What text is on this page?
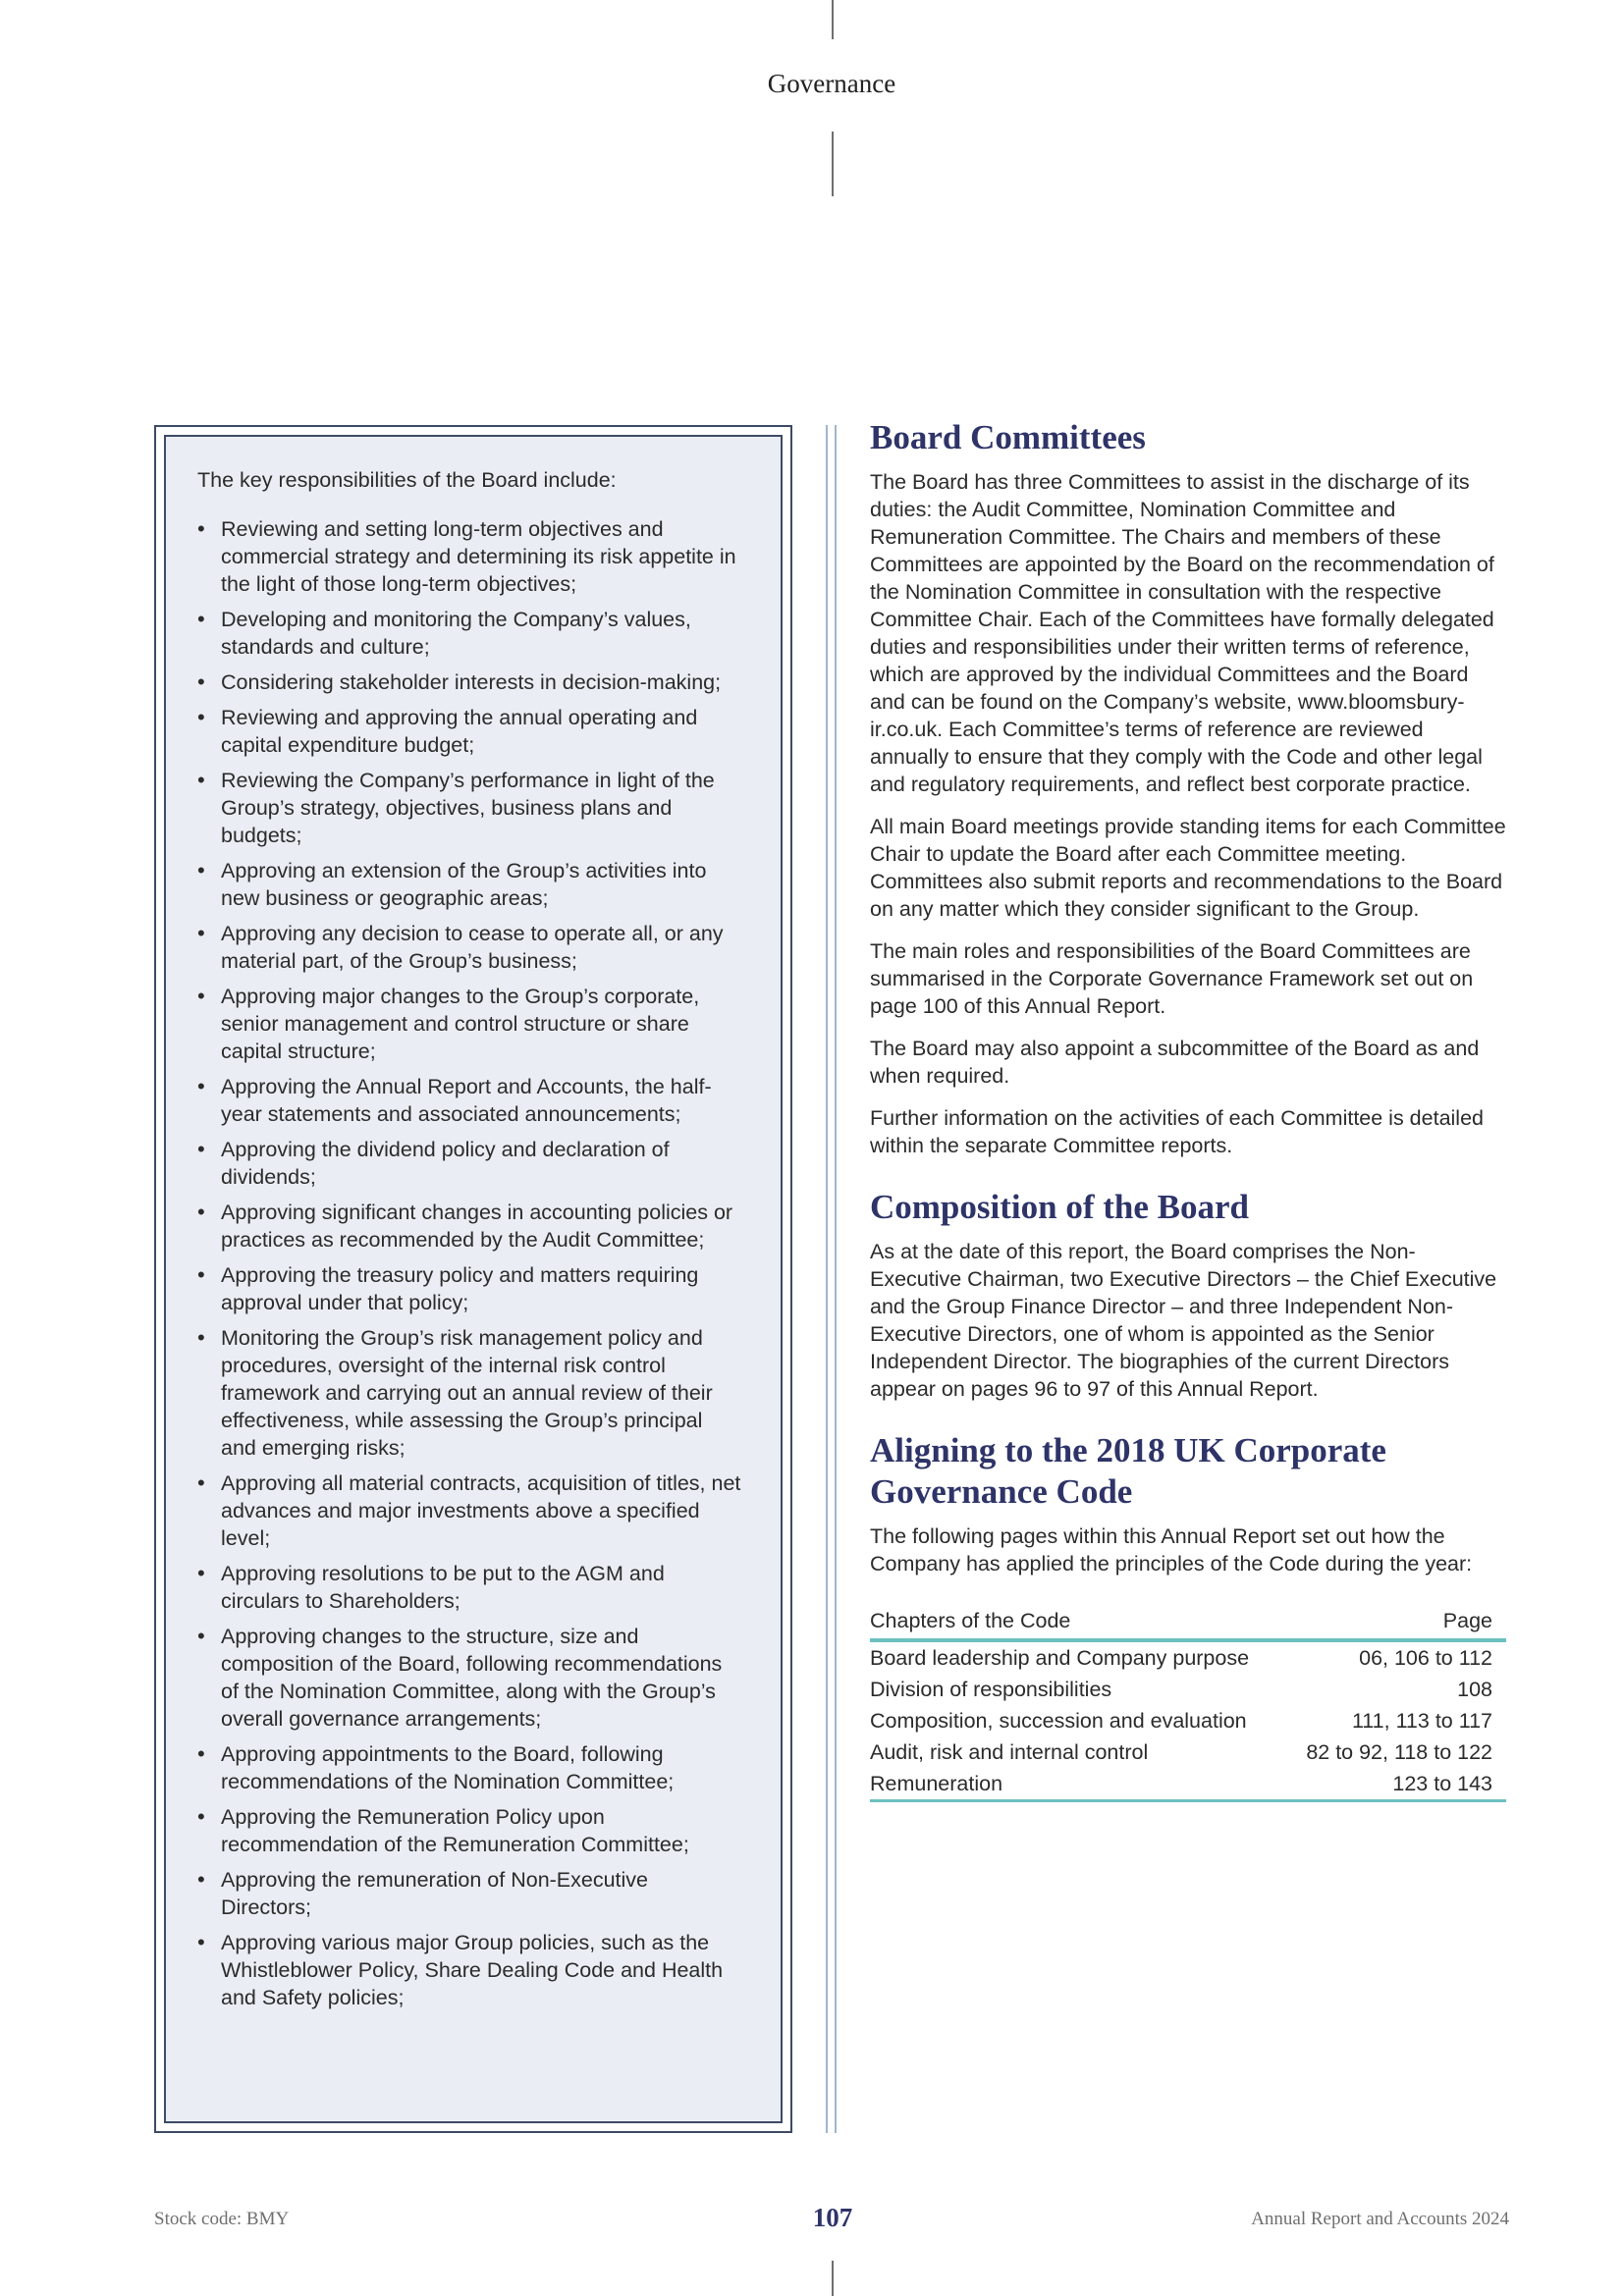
Governance

The key responsibilities of the Board include:

• Reviewing and setting long-term objectives and commercial strategy and determining its risk appetite in the light of those long-term objectives;
• Developing and monitoring the Company’s values, standards and culture;
• Considering stakeholder interests in decision-making;
• Reviewing and approving the annual operating and capital expenditure budget;
• Reviewing the Company’s performance in light of the Group’s strategy, objectives, business plans and budgets;
• Approving an extension of the Group’s activities into new business or geographic areas;
• Approving any decision to cease to operate all, or any material part, of the Group’s business;
• Approving major changes to the Group’s corporate, senior management and control structure or share capital structure;
• Approving the Annual Report and Accounts, the half-year statements and associated announcements;
• Approving the dividend policy and declaration of dividends;
• Approving significant changes in accounting policies or practices as recommended by the Audit Committee;
• Approving the treasury policy and matters requiring approval under that policy;
• Monitoring the Group’s risk management policy and procedures, oversight of the internal risk control framework and carrying out an annual review of their effectiveness, while assessing the Group’s principal and emerging risks;
• Approving all material contracts, acquisition of titles, net advances and major investments above a specified level;
• Approving resolutions to be put to the AGM and circulars to Shareholders;
• Approving changes to the structure, size and composition of the Board, following recommendations of the Nomination Committee, along with the Group’s overall governance arrangements;
• Approving appointments to the Board, following recommendations of the Nomination Committee;
• Approving the Remuneration Policy upon recommendation of the Remuneration Committee;
• Approving the remuneration of Non-Executive Directors;
• Approving various major Group policies, such as the Whistleblower Policy, Share Dealing Code and Health and Safety policies;
Board Committees

The Board has three Committees to assist in the discharge of its duties: the Audit Committee, Nomination Committee and Remuneration Committee. The Chairs and members of these Committees are appointed by the Board on the recommendation of the Nomination Committee in consultation with the respective Committee Chair. Each of the Committees have formally delegated duties and responsibilities under their written terms of reference, which are approved by the individual Committees and the Board and can be found on the Company’s website, www.bloomsbury-ir.co.uk. Each Committee’s terms of reference are reviewed annually to ensure that they comply with the Code and other legal and regulatory requirements, and reflect best corporate practice.

All main Board meetings provide standing items for each Committee Chair to update the Board after each Committee meeting. Committees also submit reports and recommendations to the Board on any matter which they consider significant to the Group.

The main roles and responsibilities of the Board Committees are summarised in the Corporate Governance Framework set out on page 100 of this Annual Report.

The Board may also appoint a subcommittee of the Board as and when required.

Further information on the activities of each Committee is detailed within the separate Committee reports.

Composition of the Board

As at the date of this report, the Board comprises the Non-Executive Chairman, two Executive Directors – the Chief Executive and the Group Finance Director – and three Independent Non-Executive Directors, one of whom is appointed as the Senior Independent Director. The biographies of the current Directors appear on pages 96 to 97 of this Annual Report.

Aligning to the 2018 UK Corporate Governance Code

The following pages within this Annual Report set out how the Company has applied the principles of the Code during the year:

Chapters of the Code	Page
Board leadership and Company purpose	06, 106 to 112
Division of responsibilities	108
Composition, succession and evaluation	111, 113 to 117
Audit, risk and internal control	82 to 92, 118 to 122
Remuneration	123 to 143
Stock code: BMY	107	Annual Report and Accounts 2024
